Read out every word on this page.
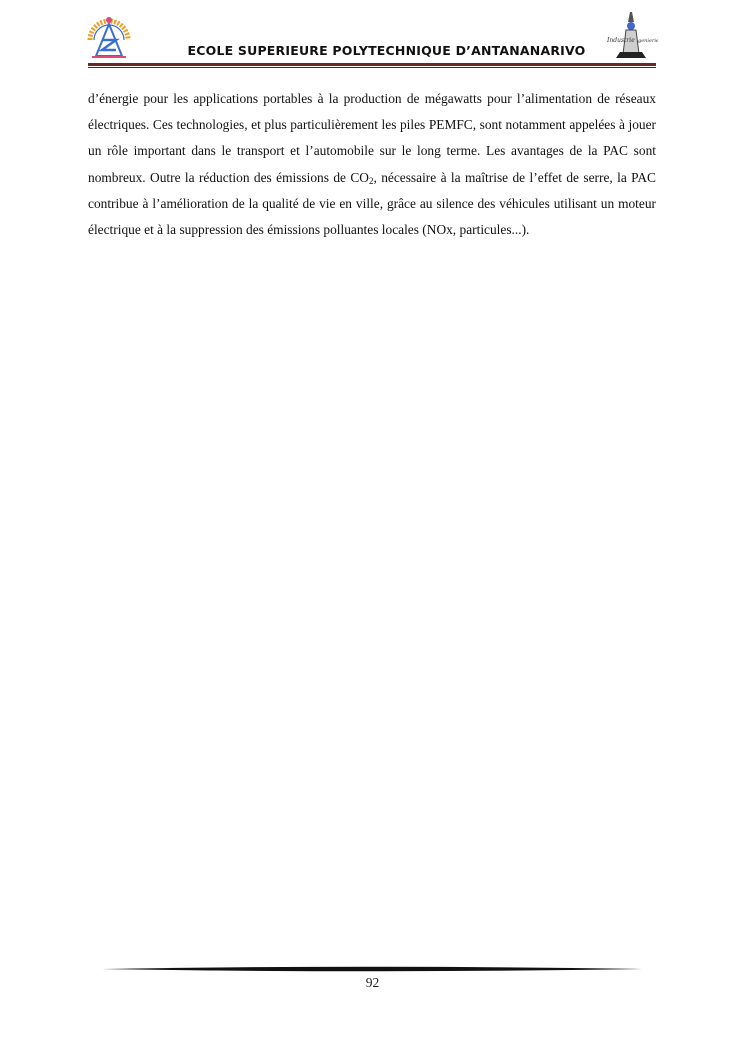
ECOLE SUPERIEURE POLYTECHNIQUE D’ANTANANARIVO
Industrie genierie

d’énergie pour les applications portables à la production de mégawatts pour l’alimentation de réseaux électriques. Ces technologies, et plus particulièrement les piles PEMFC, sont notamment appelées à jouer un rôle important dans le transport et l’automobile sur le long terme. Les avantages de la PAC sont nombreux. Outre la réduction des émissions de $CO_2$, nécessaire à la maîtrise de l’effet de serre, la PAC contribue à l’amélioration de la qualité de vie en ville, grâce au silence des véhicules utilisant un moteur électrique et à la suppression des émissions polluantes locales (NOx, particules...).

92
